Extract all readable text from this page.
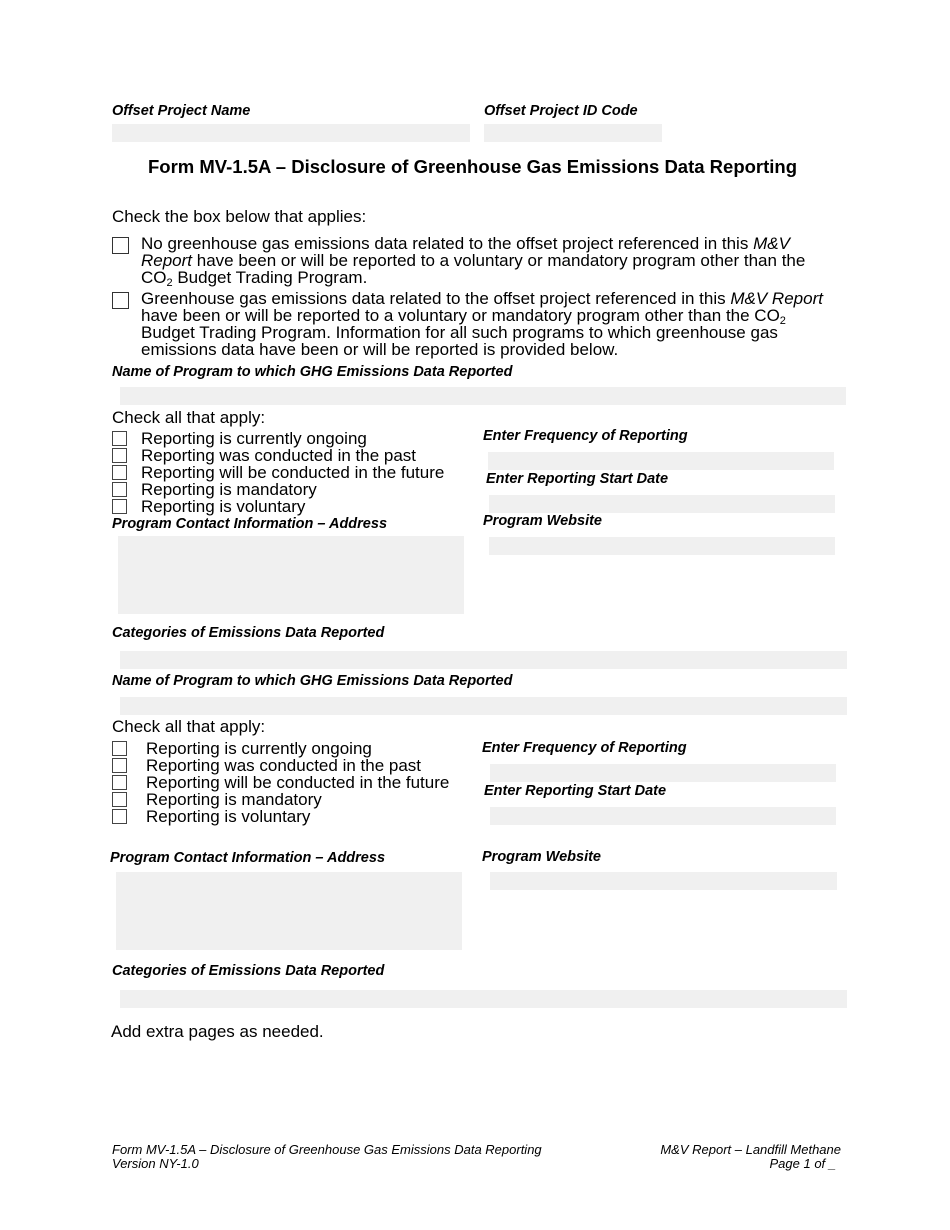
Offset Project Name	Offset Project ID Code
Form MV-1.5A – Disclosure of Greenhouse Gas Emissions Data Reporting
Check the box below that applies:
No greenhouse gas emissions data related to the offset project referenced in this M&V
Report have been or will be reported to a voluntary or mandatory program other than the
$CO_2$ Budget Trading Program.
Greenhouse gas emissions data related to the offset project referenced in this M&V Report
have been or will be reported to a voluntary or mandatory program other than the $CO_2$
Budget Trading Program. Information for all such programs to which greenhouse gas
emissions data have been or will be reported is provided below.
Name of Program to which GHG Emissions Data Reported
Check all that apply:
Reporting is currently ongoing
Reporting was conducted in the past
Reporting will be conducted in the future
Reporting is mandatory
Reporting is voluntary
Enter Frequency of Reporting
Enter Reporting Start Date
Program Contact Information – Address	Program Website
Categories of Emissions Data Reported
Name of Program to which GHG Emissions Data Reported
Check all that apply:
Reporting is currently ongoing
Reporting was conducted in the past
Reporting will be conducted in the future
Reporting is mandatory
Reporting is voluntary
Enter Frequency of Reporting
Enter Reporting Start Date
Program Contact Information – Address	Program Website
Categories of Emissions Data Reported
Add extra pages as needed.
Form MV-1.5A – Disclosure of Greenhouse Gas Emissions Data Reporting
Version NY-1.0
M&V Report – Landfill Methane
Page 1 of _
